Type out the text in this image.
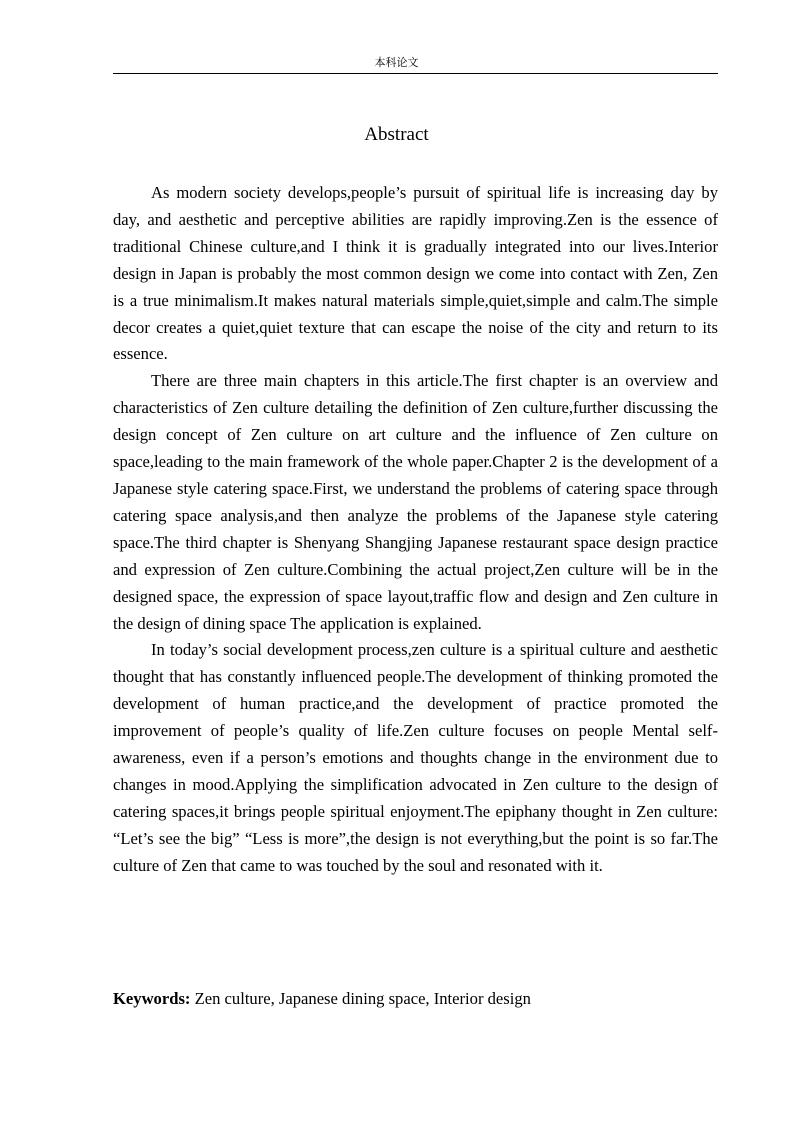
本科论文
Abstract

As modern society develops,people’s pursuit of spiritual life is increasing day by day, and aesthetic and perceptive abilities are rapidly improving.Zen is the essence of traditional Chinese culture,and I think it is gradually integrated into our lives.Interior design in Japan is probably the most common design we come into contact with Zen, Zen is a true minimalism.It makes natural materials simple,quiet,simple and calm.The simple decor creates a quiet,quiet texture that can escape the noise of the city and return to its essence.

There are three main chapters in this article.The first chapter is an overview and characteristics of Zen culture detailing the definition of Zen culture,further discussing the design concept of Zen culture on art culture and the influence of Zen culture on space,leading to the main framework of the whole paper.Chapter 2 is the development of a Japanese style catering space.First, we understand the problems of catering space through catering space analysis,and then analyze the problems of the Japanese style catering space.The third chapter is Shenyang Shangjing Japanese restaurant space design practice and expression of Zen culture.Combining the actual project,Zen culture will be in the designed space, the expression of space layout,traffic flow and design and Zen culture in the design of dining space The application is explained.

In today’s social development process,zen culture is a spiritual culture and aesthetic thought that has constantly influenced people.The development of thinking promoted the development of human practice,and the development of practice promoted the improvement of people’s quality of life.Zen culture focuses on people Mental self-awareness, even if a person’s emotions and thoughts change in the environment due to changes in mood.Applying the simplification advocated in Zen culture to the design of catering spaces,it brings people spiritual enjoyment.The epiphany thought in Zen culture: “Let’s see the big” “Less is more”,the design is not everything,but the point is so far.The culture of Zen that came to was touched by the soul and resonated with it.

Keywords: Zen culture, Japanese dining space, Interior design
